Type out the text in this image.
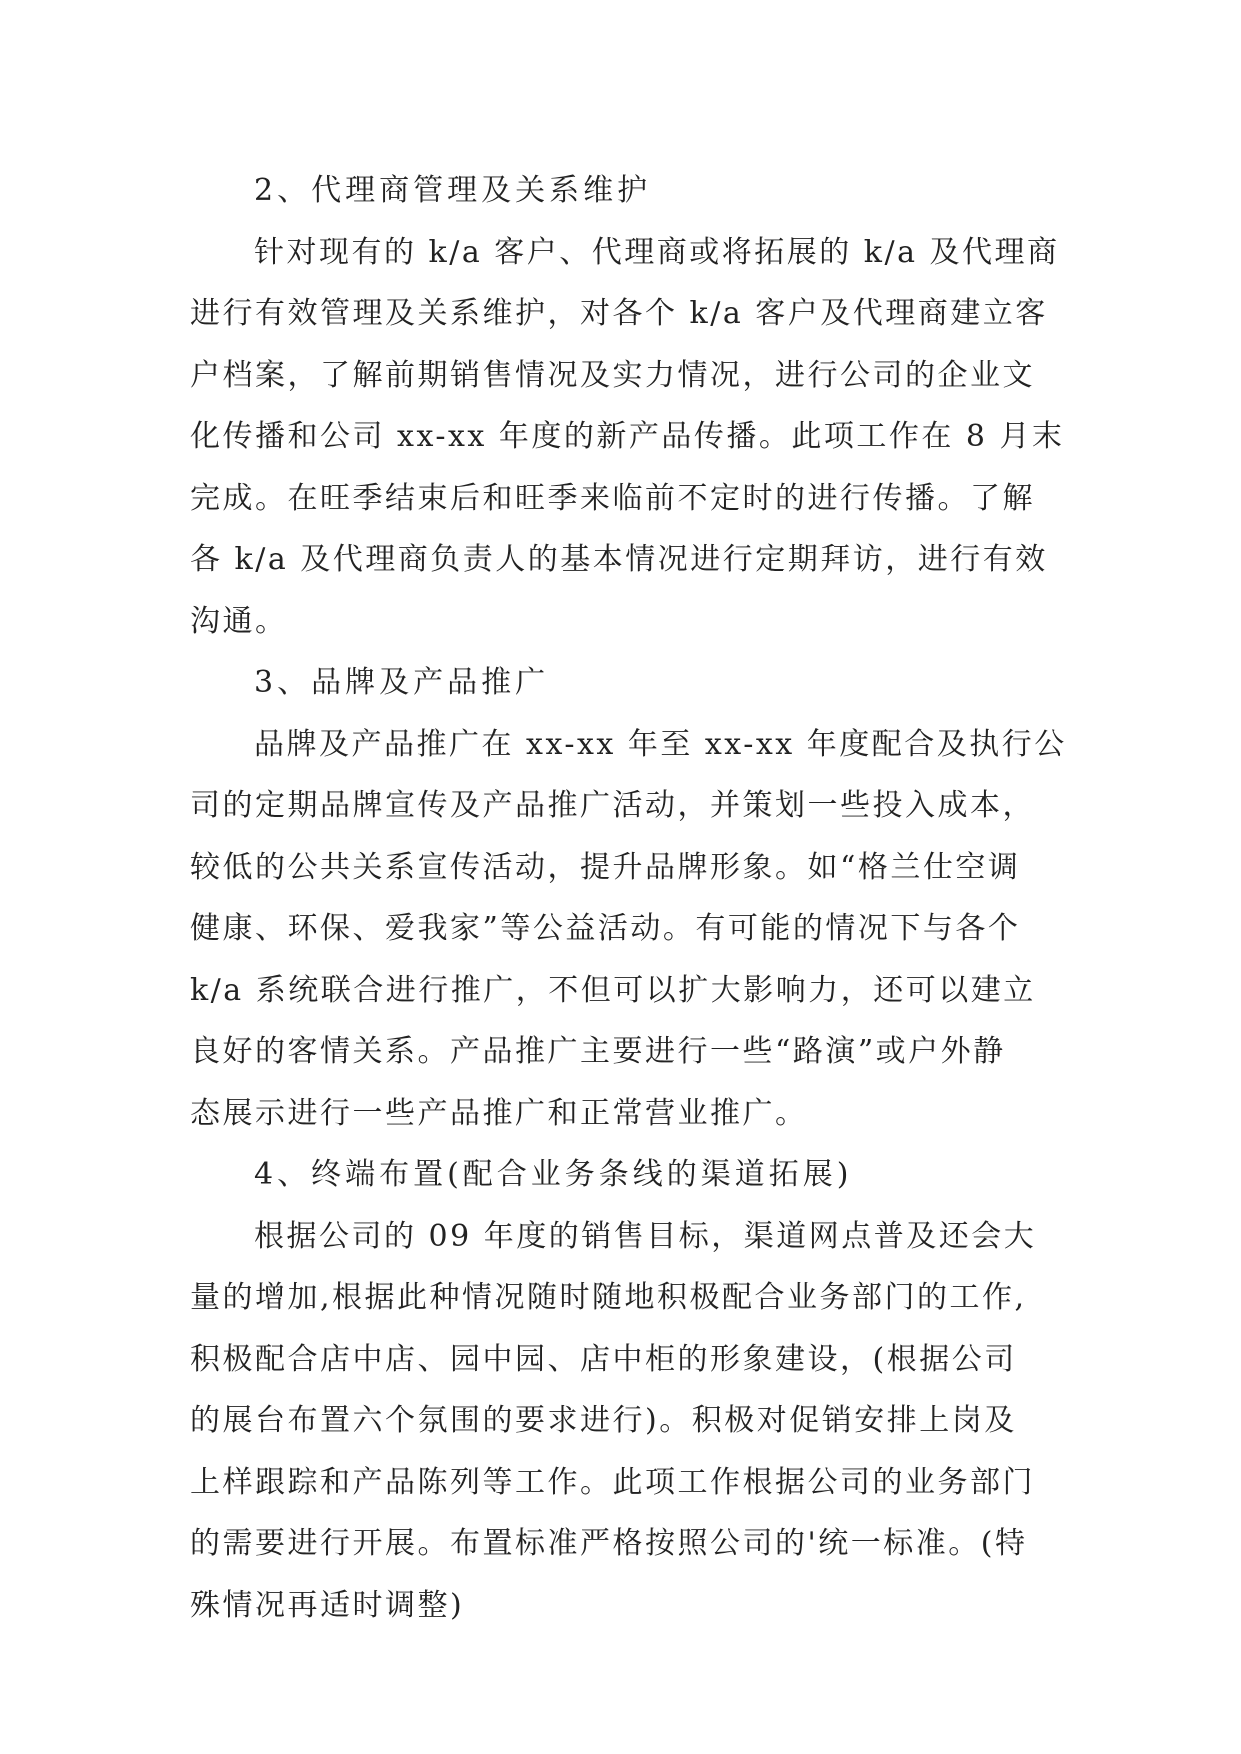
2、代理商管理及关系维护

针对现有的 k/a 客户、代理商或将拓展的 k/a 及代理商

进行有效管理及关系维护，对各个 k/a 客户及代理商建立客

户档案，了解前期销售情况及实力情况，进行公司的企业文

化传播和公司 xx-xx 年度的新产品传播。此项工作在 8 月末

完成。在旺季结束后和旺季来临前不定时的进行传播。了解

各 k/a 及代理商负责人的基本情况进行定期拜访，进行有效

沟通。

3、品牌及产品推广

品牌及产品推广在 xx-xx 年至 xx-xx 年度配合及执行公

司的定期品牌宣传及产品推广活动，并策划一些投入成本，

较低的公共关系宣传活动，提升品牌形象。如“格兰仕空调

健康、环保、爱我家”等公益活动。有可能的情况下与各个

k/a 系统联合进行推广，不但可以扩大影响力，还可以建立

良好的客情关系。产品推广主要进行一些“路演”或户外静

态展示进行一些产品推广和正常营业推广。

4、终端布置(配合业务条线的渠道拓展)

根据公司的 09 年度的销售目标，渠道网点普及还会大

量的增加,根据此种情况随时随地积极配合业务部门的工作,

积极配合店中店、园中园、店中柜的形象建设，(根据公司

的展台布置六个氛围的要求进行)。积极对促销安排上岗及

上样跟踪和产品陈列等工作。此项工作根据公司的业务部门

的需要进行开展。布置标准严格按照公司的'统一标准。(特

殊情况再适时调整)
